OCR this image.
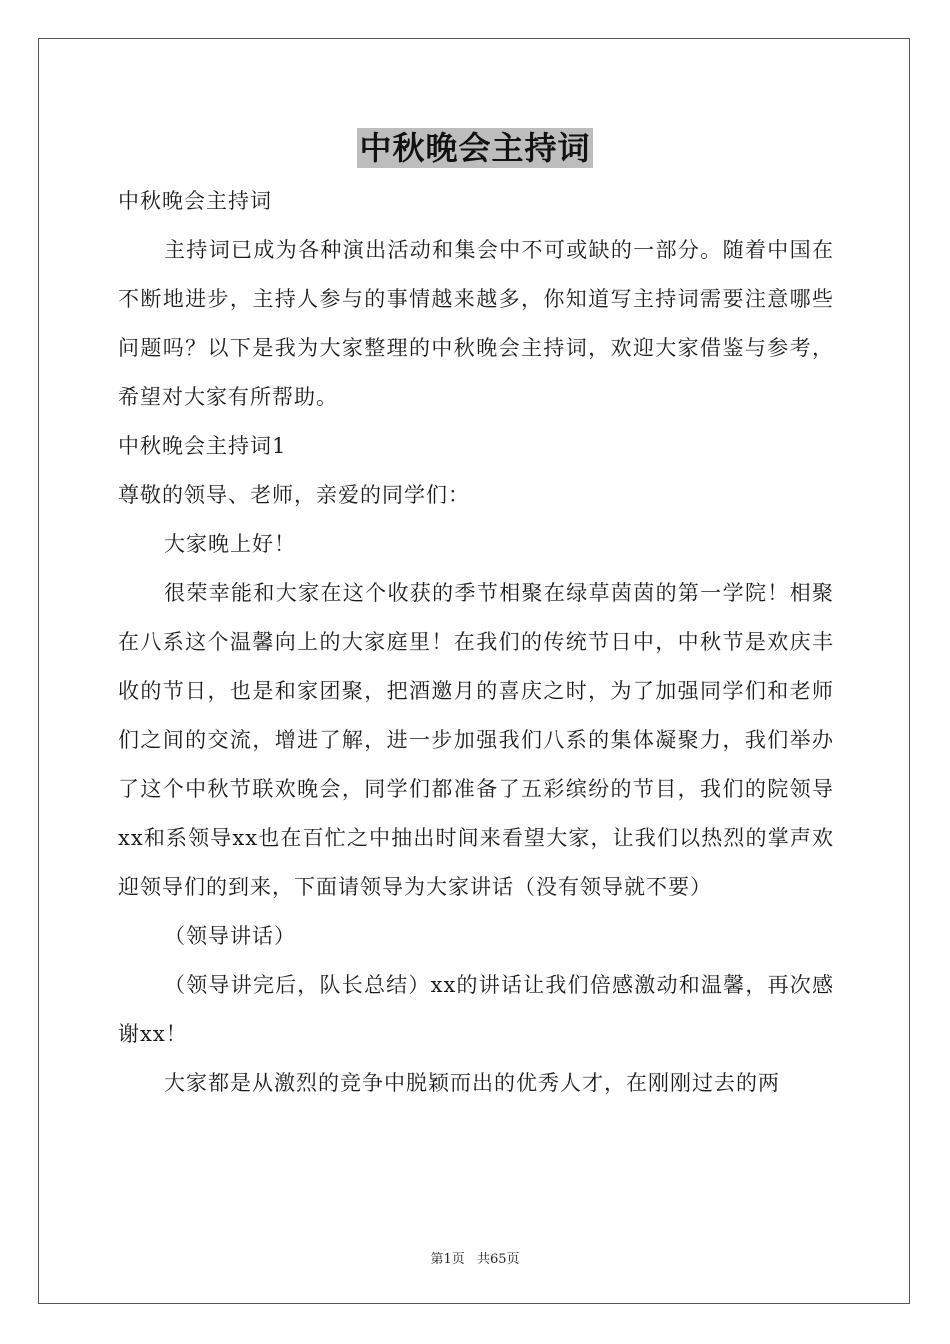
中秋晚会主持词

中秋晚会主持词

主持词已成为各种演出活动和集会中不可或缺的一部分。随着中国在不断地进步，主持人参与的事情越来越多，你知道写主持词需要注意哪些问题吗？以下是我为大家整理的中秋晚会主持词，欢迎大家借鉴与参考，希望对大家有所帮助。

中秋晚会主持词1

尊敬的领导、老师，亲爱的同学们：

大家晚上好！

很荣幸能和大家在这个收获的季节相聚在绿草茵茵的第一学院！相聚在八系这个温馨向上的大家庭里！在我们的传统节日中，中秋节是欢庆丰收的节日，也是和家团聚，把酒邀月的喜庆之时，为了加强同学们和老师们之间的交流，增进了解，进一步加强我们八系的集体凝聚力，我们举办了这个中秋节联欢晚会，同学们都准备了五彩缤纷的节目，我们的院领导xx和系领导xx也在百忙之中抽出时间来看望大家，让我们以热烈的掌声欢迎领导们的到来，下面请领导为大家讲话（没有领导就不要）

（领导讲话）

（领导讲完后，队长总结）xx的讲话让我们倍感激动和温馨，再次感谢xx！

大家都是从激烈的竞争中脱颖而出的优秀人才，在刚刚过去的两

第1页 共65页
